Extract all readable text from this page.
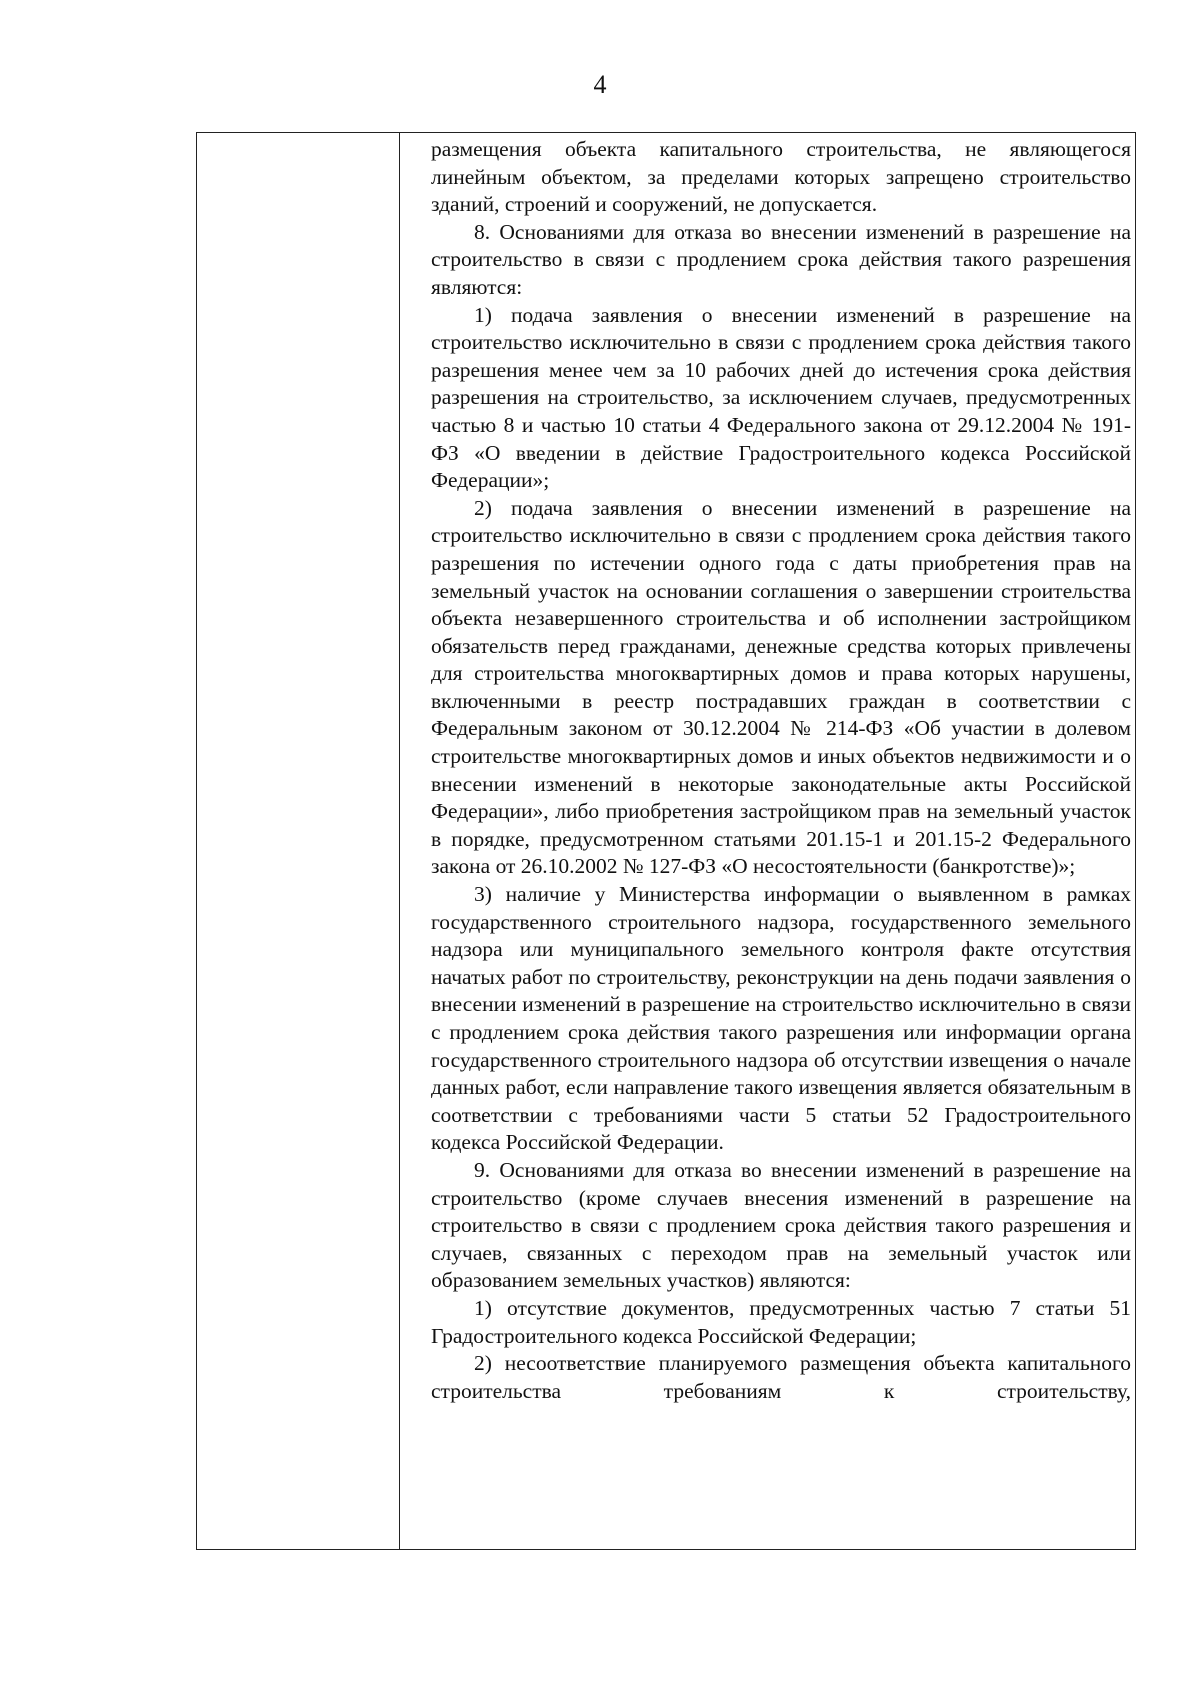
4

размещения объекта капитального строительства, не являющегося линейным объектом, за пределами которых запрещено строительство зданий, строений и сооружений, не допускается.

8. Основаниями для отказа во внесении изменений в разрешение на строительство в связи с продлением срока действия такого разрешения являются:

1) подача заявления о внесении изменений в разрешение на строительство исключительно в связи с продлением срока действия такого разрешения менее чем за 10 рабочих дней до истечения срока действия разрешения на строительство, за исключением случаев, предусмотренных частью 8 и частью 10 статьи 4 Федерального закона от 29.12.2004 № 191-ФЗ «О введении в действие Градостроительного кодекса Российской Федерации»;

2) подача заявления о внесении изменений в разрешение на строительство исключительно в связи с продлением срока действия такого разрешения по истечении одного года с даты приобретения прав на земельный участок на основании соглашения о завершении строительства объекта незавершенного строительства и об исполнении застройщиком обязательств перед гражданами, денежные средства которых привлечены для строительства многоквартирных домов и права которых нарушены, включенными в реестр пострадавших граждан в соответствии с Федеральным законом от 30.12.2004 № 214-ФЗ «Об участии в долевом строительстве многоквартирных домов и иных объектов недвижимости и о внесении изменений в некоторые законодательные акты Российской Федерации», либо приобретения застройщиком прав на земельный участок в порядке, предусмотренном статьями 201.15-1 и 201.15-2 Федерального закона от 26.10.2002 № 127-ФЗ «О несостоятельности (банкротстве)»;

3) наличие у Министерства информации о выявленном в рамках государственного строительного надзора, государственного земельного надзора или муниципального земельного контроля факте отсутствия начатых работ по строительству, реконструкции на день подачи заявления о внесении изменений в разрешение на строительство исключительно в связи с продлением срока действия такого разрешения или информации органа государственного строительного надзора об отсутствии извещения о начале данных работ, если направление такого извещения является обязательным в соответствии с требованиями части 5 статьи 52 Градостроительного кодекса Российской Федерации.

9. Основаниями для отказа во внесении изменений в разрешение на строительство (кроме случаев внесения изменений в разрешение на строительство в связи с продлением срока действия такого разрешения и случаев, связанных с переходом прав на земельный участок или образованием земельных участков) являются:

1) отсутствие документов, предусмотренных частью 7 статьи 51 Градостроительного кодекса Российской Федерации;

2) несоответствие планируемого размещения объекта капитального строительства требованиям к строительству,
